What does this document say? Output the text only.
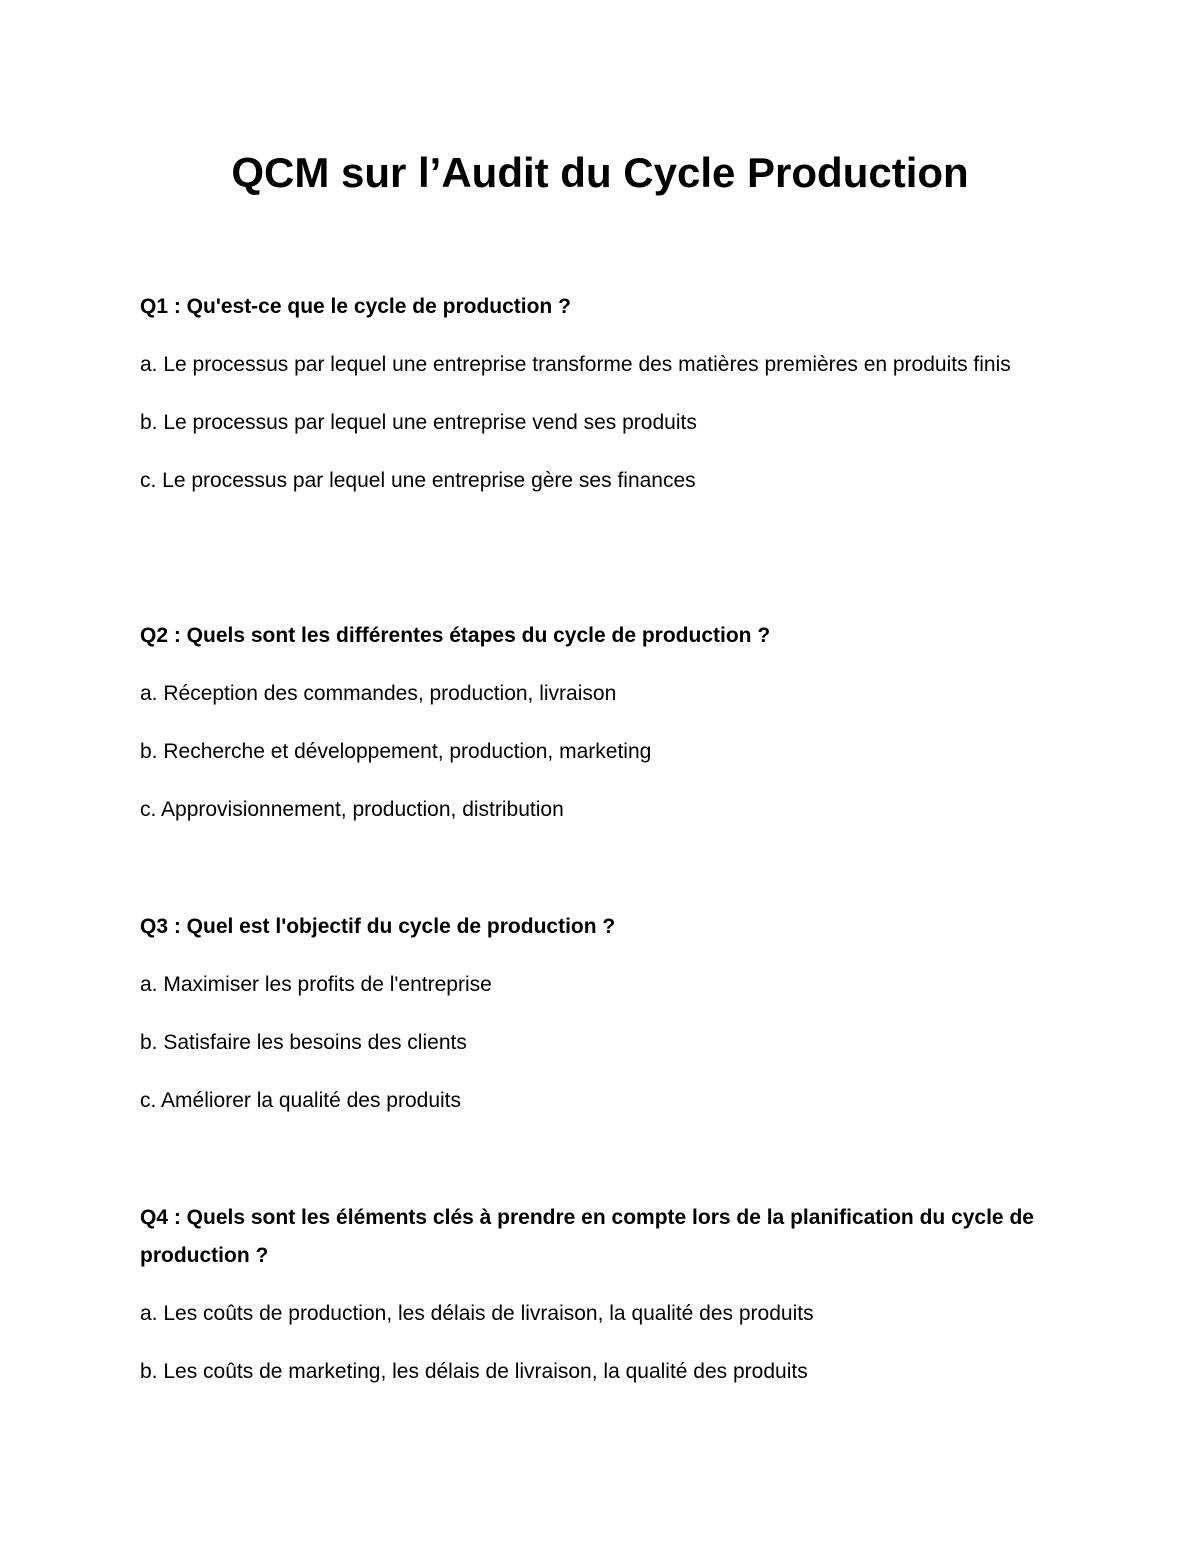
QCM sur l’Audit du Cycle Production

Q1 : Qu'est-ce que le cycle de production ?

a. Le processus par lequel une entreprise transforme des matières premières en produits finis

b. Le processus par lequel une entreprise vend ses produits

c. Le processus par lequel une entreprise gère ses finances

Q2 : Quels sont les différentes étapes du cycle de production ?

a. Réception des commandes, production, livraison

b. Recherche et développement, production, marketing

c. Approvisionnement, production, distribution

Q3 : Quel est l'objectif du cycle de production ?

a. Maximiser les profits de l'entreprise

b. Satisfaire les besoins des clients

c. Améliorer la qualité des produits

Q4 : Quels sont les éléments clés à prendre en compte lors de la planification du cycle de production ?

a. Les coûts de production, les délais de livraison, la qualité des produits

b. Les coûts de marketing, les délais de livraison, la qualité des produits
